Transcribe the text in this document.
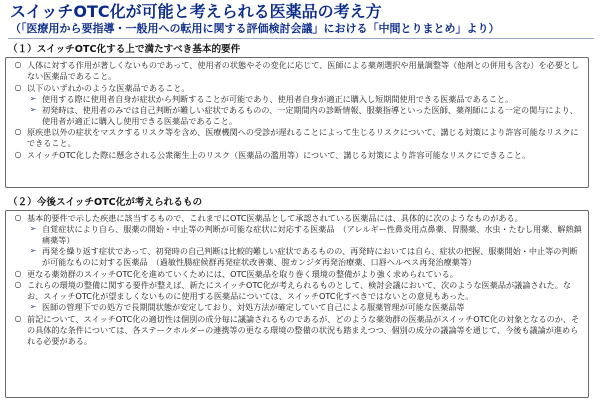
スイッチOTC化が可能と考えられる医薬品の考え方
（「医療用から要指導・一般用への転用に関する評価検討会議」における「中間とりまとめ」より）
（１）スイッチOTC化する上で満たすべき基本的要件
○ 人体に対する作用が著しくないものであって、使用者の状態やその変化に応じて、医師による薬剤選択や用量調整等（他剤との併用も含む）を必要としない医薬品であること。
○ 以下のいずれかのような医薬品であること。
➢ 使用する際に使用者自身が症状から判断することが可能であり、使用者自身が適正に購入し短期間使用できる医薬品であること。
➢ 初発時は、使用者のみでは自己判断が難しい症状であるものの、一定期間内の診断情報、服薬指導といった医師、薬剤師による一定の関与により、使用者が適正に購入し使用できる医薬品であること。
○ 原疾患以外の症状をマスクするリスク等を含め、医療機関への受診が遅れることによって生じるリスクについて、講じる対策により許容可能なリスクにできること。
○ スイッチOTC化した際に懸念される公衆衛生上のリスク（医薬品の濫用等）について、講じる対策により許容可能なリスクにできること。
（２）今後スイッチOTC化が考えられるもの
○ 基本的要件で示した疾患に該当するもので、これまでにOTC医薬品として承認されている医薬品には、具体的に次のようなものがある。
➢ 自覚症状により自ら、服薬の開始・中止等の判断が可能な症状に対応する医薬品　（アレルギー性鼻炎用点鼻薬、胃腸薬、水虫・たむし用薬、解熱鎮痛薬等）
➢ 再発を繰り返す症状であって、初発時の自己判断は比較的難しい症状であるものの、再発時においては自ら、症状の把握、服薬開始・中止等の判断が可能なものに対する医薬品　（過敏性腸症候群再発症状改善薬、腟カンジダ再発治療薬、口唇ヘルペス再発治療薬等）
○ 更なる薬効群のスイッチOTC化を進めていくためには、OTC医薬品を取り巻く環境の整備がより強く求められている。
○ これらの環境の整備に関する要件が整えば、新たにスイッチOTC化が考えられるものとして、検討会議において、次のような医薬品が議論された。なお、スイッチOTC化が望ましくないものに使用する医薬品については、スイッチOTC化すべきではないとの意見もあった。
➢ 医師の管理下での処方で長期間状態が安定しており、対処方法が確定していて自己による服薬管理が可能な医薬品等
○ 前記について、スイッチOTC化の適切性は個別の成分毎に議論されるものであるが、どのような薬効群の医薬品がスイッチOTC化の対象となるのか、その具体的な条件については、各ステークホルダーの連携等の更なる環境の整備の状況も踏まえつつ、個別の成分の議論等を通じて、今後も議論が進められる必要がある。
